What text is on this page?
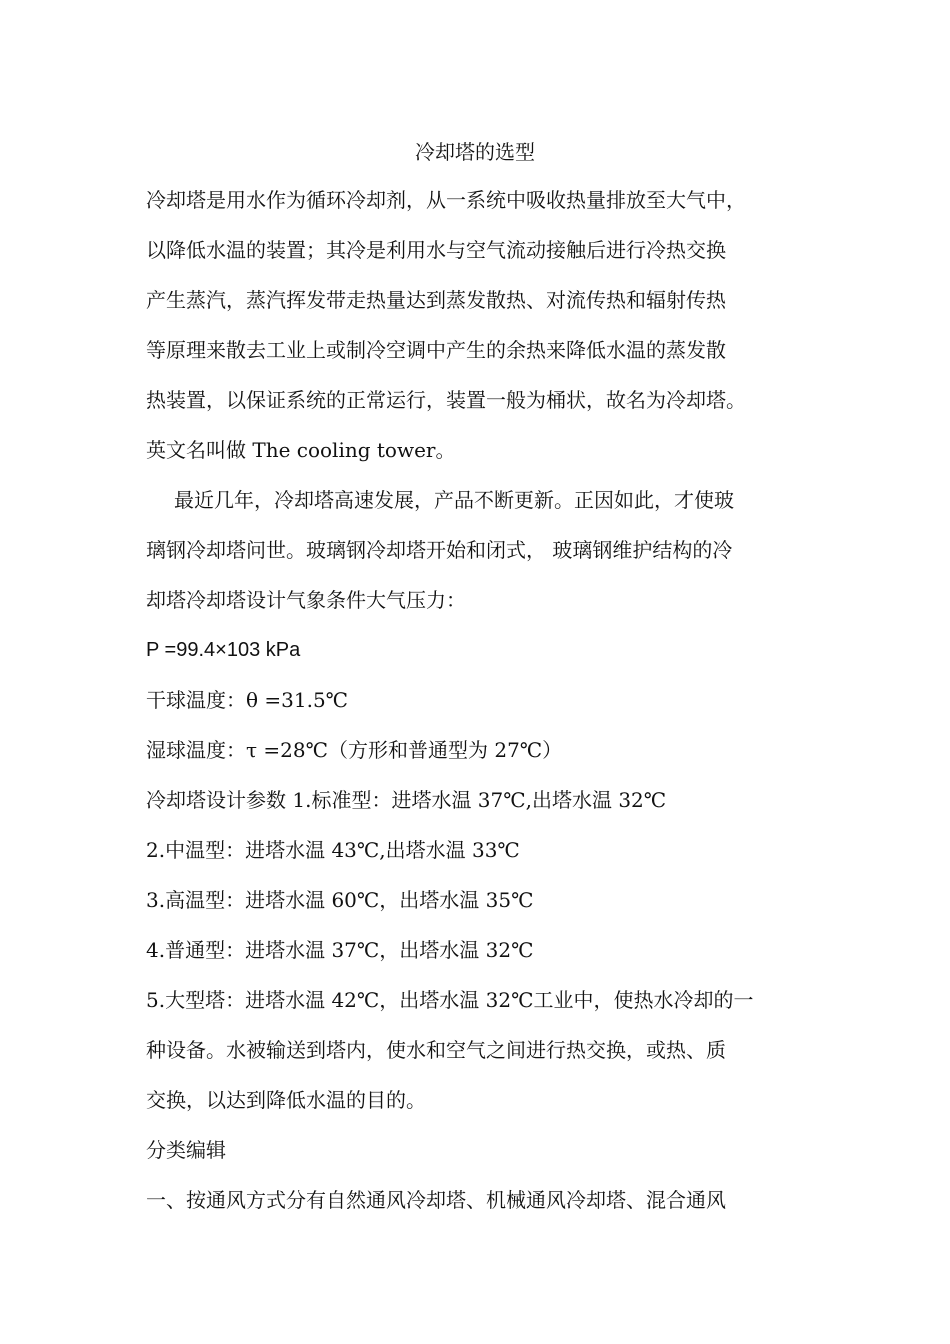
冷却塔的选型
冷却塔是用水作为循环冷却剂，从一系统中吸收热量排放至大气中，
以降低水温的装置；其冷是利用水与空气流动接触后进行冷热交换
产生蒸汽，蒸汽挥发带走热量达到蒸发散热、对流传热和辐射传热
等原理来散去工业上或制冷空调中产生的余热来降低水温的蒸发散
热装置，以保证系统的正常运行，装置一般为桶状，故名为冷却塔。
英文名叫做 The cooling tower。
最近几年，冷却塔高速发展，产品不断更新。正因如此，才使玻
璃钢冷却塔问世。玻璃钢冷却塔开始和闭式， 玻璃钢维护结构的冷
却塔冷却塔设计气象条件大气压力：
P =99.4×103 kPa
干球温度：θ =31.5℃
湿球温度：τ =28℃（方形和普通型为 27℃）
冷却塔设计参数 1.标准型：进塔水温 37℃,出塔水温 32℃
2.中温型：进塔水温 43℃,出塔水温 33℃
3.高温型：进塔水温 60℃，出塔水温 35℃
4.普通型：进塔水温 37℃，出塔水温 32℃
5.大型塔：进塔水温 42℃，出塔水温 32℃工业中，使热水冷却的一
种设备。水被输送到塔内，使水和空气之间进行热交换，或热、质
交换，以达到降低水温的目的。
分类编辑
一、按通风方式分有自然通风冷却塔、机械通风冷却塔、混合通风
